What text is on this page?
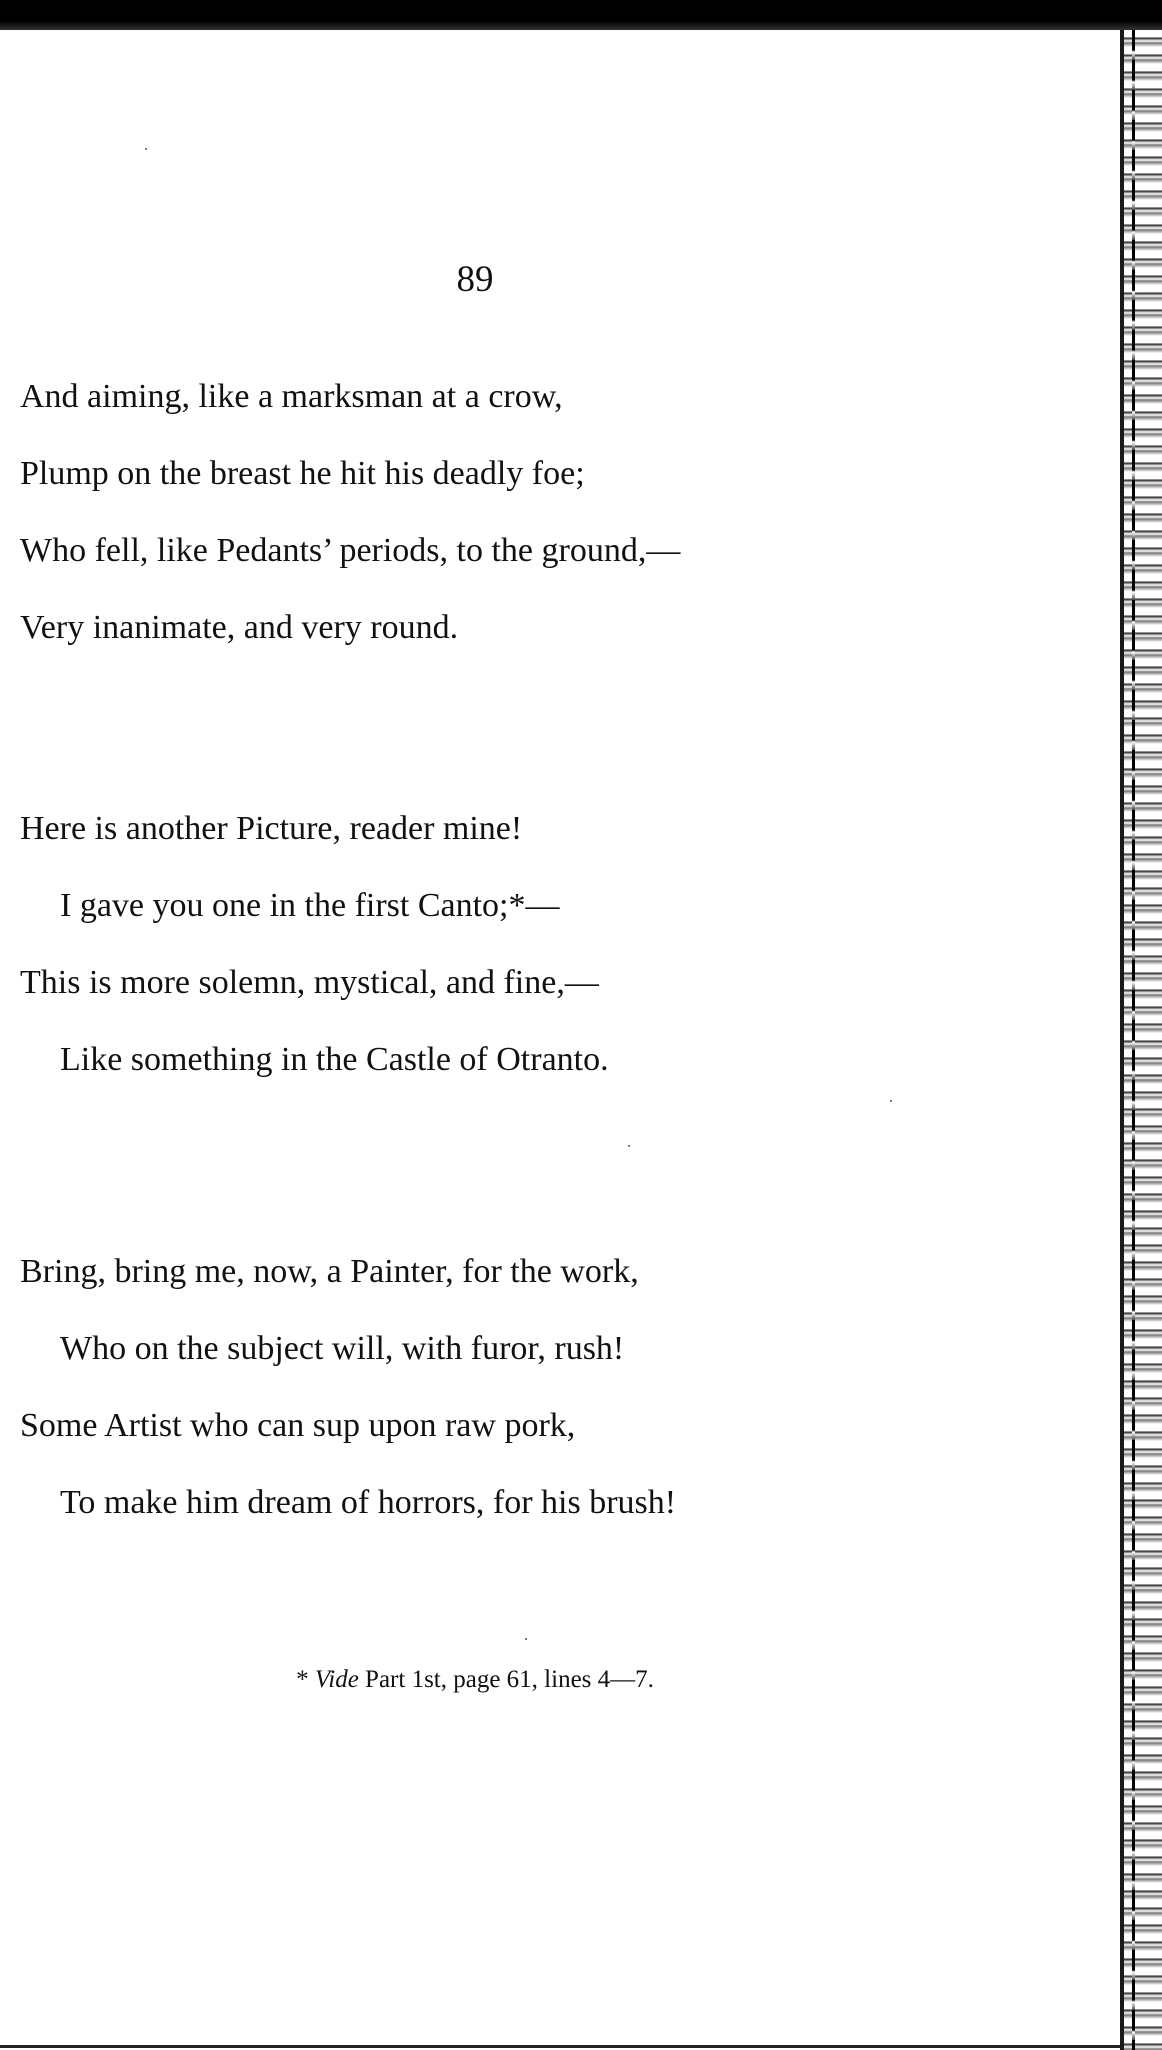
89
And aiming, like a marksman at a crow,
Plump on the breast he hit his deadly foe;
Who fell, like Pedants’ periods, to the ground,—
Very inanimate, and very round.
Here is another Picture, reader mine!
I gave you one in the first Canto;*—
This is more solemn, mystical, and fine,—
Like something in the Castle of Otranto.
Bring, bring me, now, a Painter, for the work,
Who on the subject will, with furor, rush!
Some Artist who can sup upon raw pork,
To make him dream of horrors, for his brush!
* Vide Part 1st, page 61, lines 4—7.
